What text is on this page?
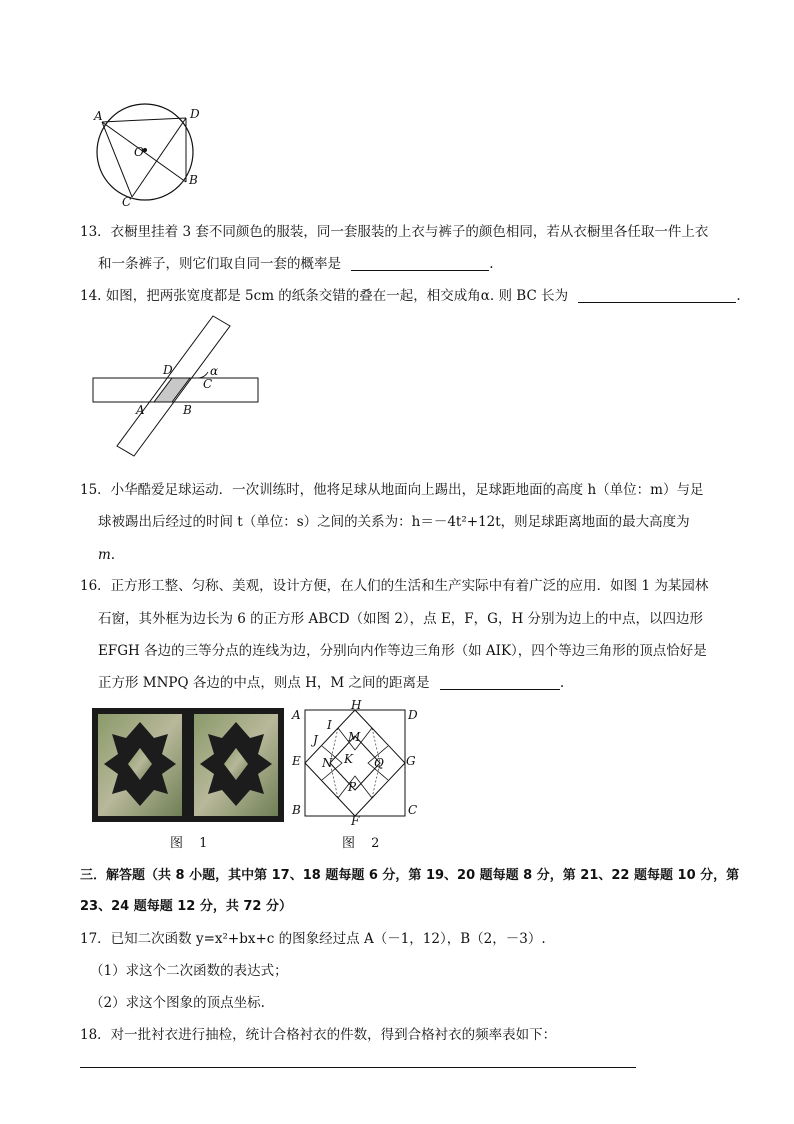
A	D
O
B
C
13．衣橱里挂着 3 套不同颜色的服装，同一套服装的上衣与裤子的颜色相同，若从衣橱里各任取一件上衣
和一条裤子，则它们取自同一套的概率是	.
14. 如图，把两张宽度都是 5cm 的纸条交错的叠在一起，相交成角α. 则 BC 长为	.
D
C
α
A	B
15．小华酷爱足球运动．一次训练时，他将足球从地面向上踢出，足球距地面的高度 h（单位：m）与足
球被踢出后经过的时间 t（单位：s）之间的关系为：h＝－4t²+12t，则足球距离地面的最大高度为
m.
16．正方形工整、匀称、美观，设计方便，在人们的生活和生产实际中有着广泛的应用．如图 1 为某园林
石窗，其外框为边长为 6 的正方形 ABCD（如图 2），点 E，F，G，H 分别为边上的中点，以四边形
EFGH 各边的三等分点的连线为边，分别向内作等边三角形（如 AIK），四个等边三角形的顶点恰好是
正方形 MNPQ 各边的中点，则点 H，M 之间的距离是	.
图 1
A
H
D
I
J	M
E N K Q G
P
B	C
F
图 2
三．解答题（共 8 小题，其中第 17、18 题每题 6 分，第 19、20 题每题 8 分，第 21、22 题每题 10 分，第
23、24 题每题 12 分，共 72 分）
17．已知二次函数 y=x²+bx+c 的图象经过点 A（－1，12），B（2，－3）.
（1）求这个二次函数的表达式；
（2）求这个图象的顶点坐标.
18．对一批衬衣进行抽检，统计合格衬衣的件数，得到合格衬衣的频率表如下：
